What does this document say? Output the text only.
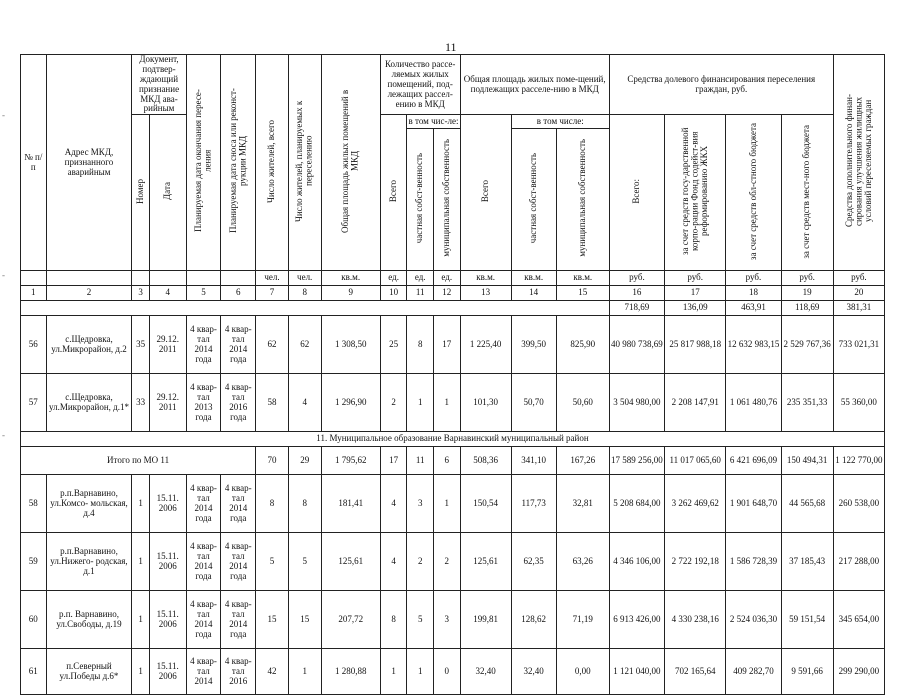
11
-
-
-
№ п/п	Адрес МКД, признанного аварийным	Документ, подтвер-ждающий признание МКД ава-рийным		Планируемая дата окончания пересе-ления	Планируемая дата сноса или реконст-рукции МКД	Число жителей, всего	Число жителей, планируемых к переселению	Общая площадь жилых помещений в МКД	Количество рассе-ляемых жилых помещений, под-лежащих рассел-ению в МКД			Общая площадь жилых поме-щений, подлежащих расселе-нию в МКД			Средства долевого финансирования переселения граждан, руб.				Средства дополнительного финан-сирования улучшения жилищных условий переселяемых граждан
		Номер	Дата						Всего	в том чис-ле:		Всего	в том числе:		Всего:	за счет средств госу-дарственной корпо-рации Фонд содейст-вия реформированию ЖКХ	за счет средств обл-стного бюджета	за счет средств мест-ного бюджета	
										частная собст-венность	муниципальная собственность		частная собст-венность	муниципальная собственность					
						чел.	чел.	кв.м.	ед.	ед.	ед.	кв.м.	кв.м.	кв.м.	руб.	руб.	руб.	руб.	руб.
1	2	3	4	5	6	7	8	9	10	11	12	13	14	15	16	17	18	19	20
															718,69	136,09	463,91	118,69	381,31
56	с.Щедровка, ул.Микрорайон, д.2	35	29.12. 2011	4 квар- тал 2014 года	4 квар- тал 2014 года	62	62	1 308,50	25	8	17	1 225,40	399,50	825,90	40 980 738,69	25 817 988,18	12 632 983,15	2 529 767,36	733 021,31
57	с.Щедровка, ул.Микрорайон, д.1*	33	29.12. 2011	4 квар- тал 2013 года	4 квар- тал 2016 года	58	4	1 296,90	2	1	1	101,30	50,70	50,60	3 504 980,00	2 208 147,91	1 061 480,76	235 351,33	55 360,00
11. Муниципальное образование Варнавинский муниципальный район																			
Итого по МО 11						70	29	1 795,62	17	11	6	508,36	341,10	167,26	17 589 256,00	11 017 065,60	6 421 696,09	150 494,31	1 122 770,00
58	р.п.Варнавино, ул.Комсо- мольская, д.4	1	15.11. 2006	4 квар- тал 2014 года	4 квар- тал 2014 года	8	8	181,41	4	3	1	150,54	117,73	32,81	5 208 684,00	3 262 469,62	1 901 648,70	44 565,68	260 538,00
59	р.п.Варнавино, ул.Нижего- родская, д.1	1	15.11. 2006	4 квар- тал 2014 года	4 квар- тал 2014 года	5	5	125,61	4	2	2	125,61	62,35	63,26	4 346 106,00	2 722 192,18	1 586 728,39	37 185,43	217 288,00
60	р.п. Варнавино, ул.Свободы, д.19	1	15.11. 2006	4 квар- тал 2014 года	4 квар- тал 2014 года	15	15	207,72	8	5	3	199,81	128,62	71,19	6 913 426,00	4 330 238,16	2 524 036,30	59 151,54	345 654,00
61	п.Северный ул.Победы д.6*	1	15.11. 2006	4 квар- тал 2014	4 квар- тал 2016	42	1	1 280,88	1	1	0	32,40	32,40	0,00	1 121 040,00	702 165,64	409 282,70	9 591,66	299 290,00
